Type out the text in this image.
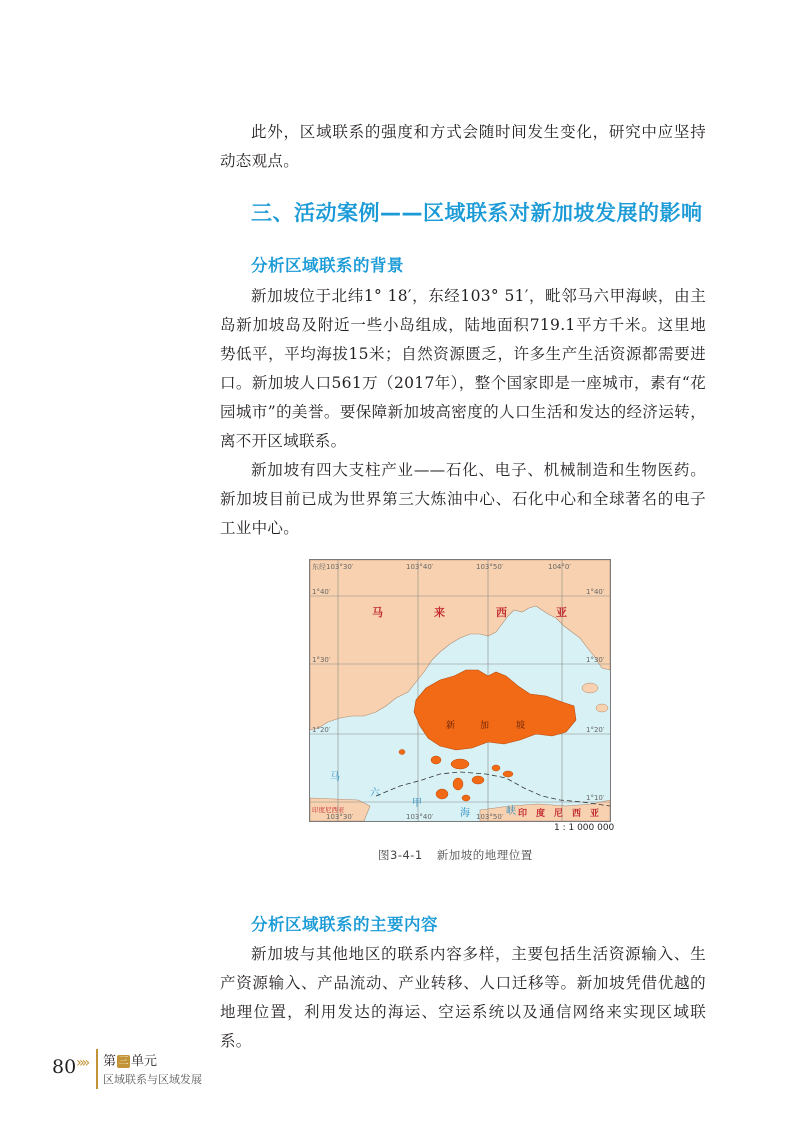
此外，区域联系的强度和方式会随时间发生变化，研究中应坚持动态观点。

三、活动案例——区域联系对新加坡发展的影响
分析区域联系的背景

新加坡位于北纬1° 18′，东经103° 51′，毗邻马六甲海峡，由主岛新加坡岛及附近一些小岛组成，陆地面积719.1平方千米。这里地势低平，平均海拔15米；自然资源匮乏，许多生产生活资源都需要进口。新加坡人口561万（2017年），整个国家即是一座城市，素有“花园城市”的美誉。要保障新加坡高密度的人口生活和发达的经济运转，离不开区域联系。

新加坡有四大支柱产业——石化、电子、机械制造和生物医药。新加坡目前已成为世界第三大炼油中心、石化中心和全球著名的电子工业中心。

东经103°30′	103°40′	103°50′	104°0′
103°30′	103°40′	103°50′
1°40′	1°40′
1°30′	1°30′
1°20′	1°20′
1°10′
马	来	西	亚
新	加	坡
马
六
甲
海	峡 印 度 尼 西 亚
印度尼西亚
1 : 1 000 000
图3-4-1 新加坡的地理位置
分析区域联系的主要内容

新加坡与其他地区的联系内容多样，主要包括生活资源输入、生产资源输入、产品流动、产业转移、人口迁移等。新加坡凭借优越的地理位置，利用发达的海运、空运系统以及通信网络来实现区域联系。

80 »» 第 三 单元
区域联系与区域发展
